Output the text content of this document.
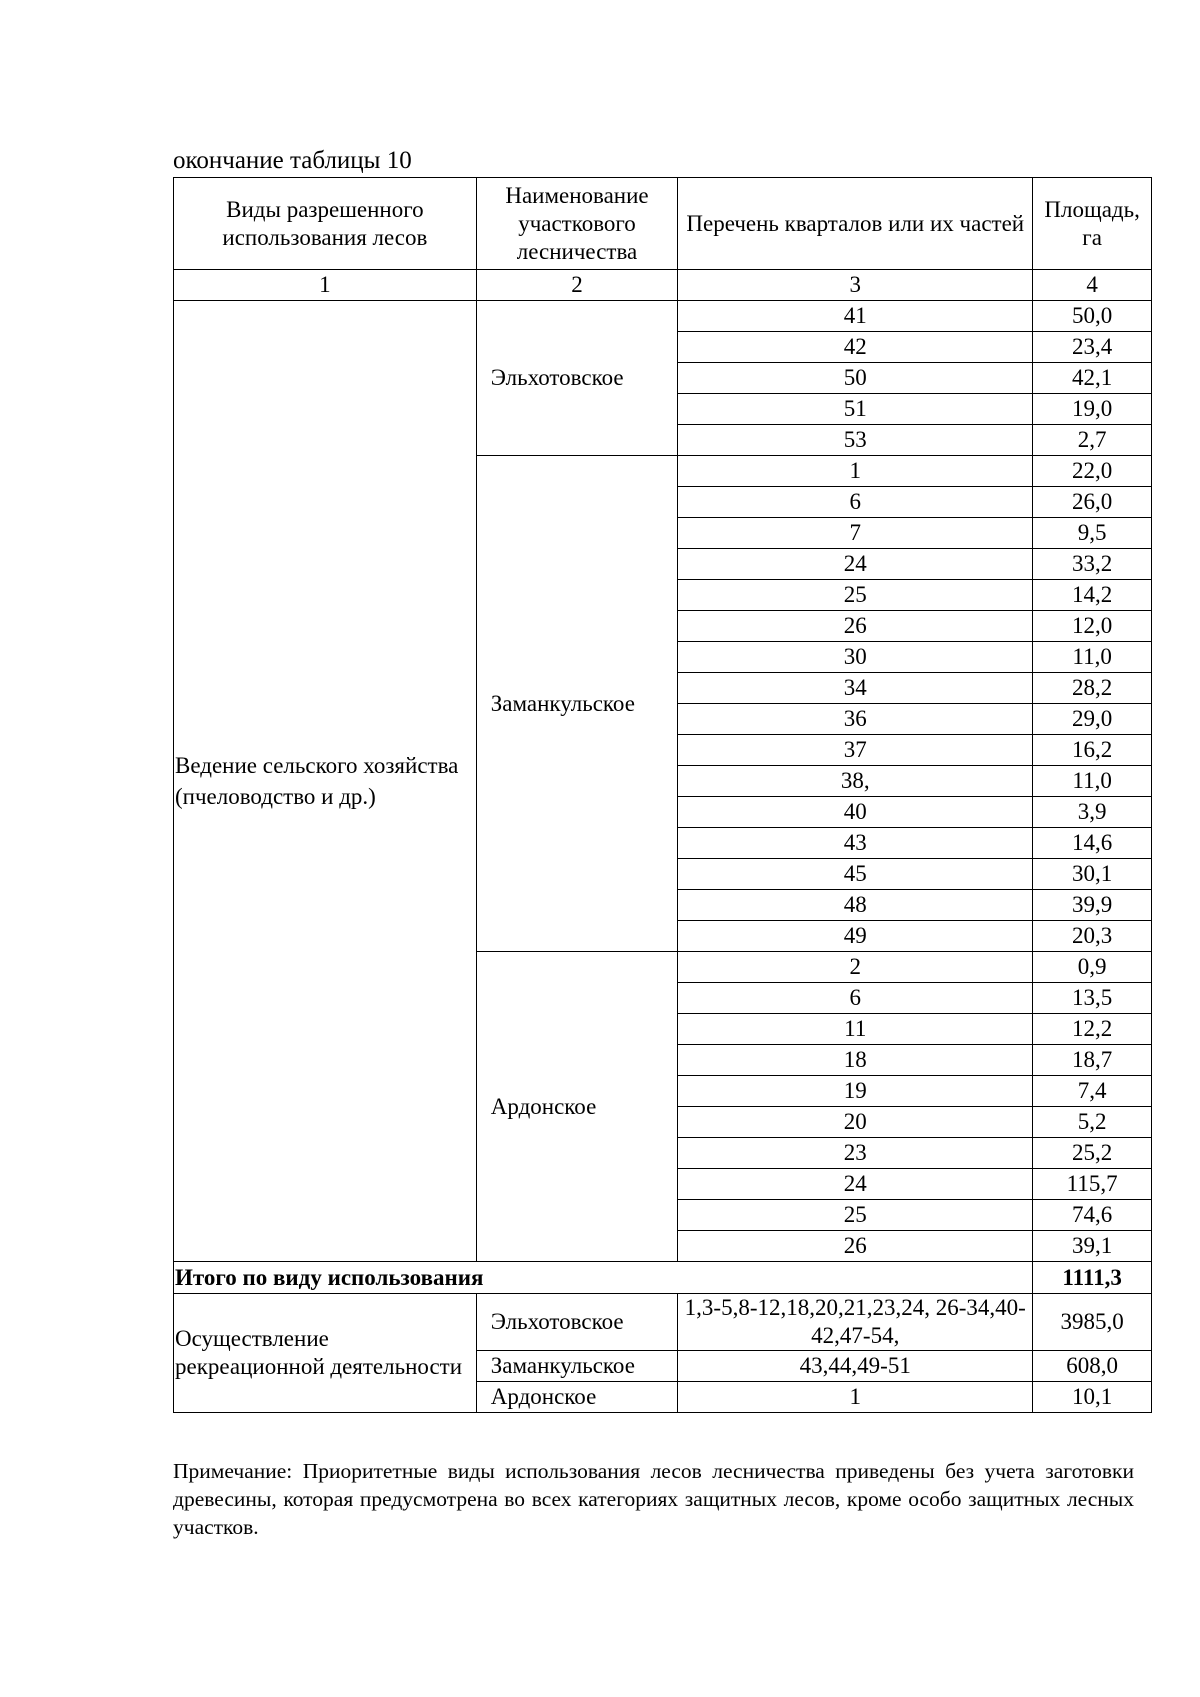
окончание таблицы 10
Виды разрешенного использования лесов	Наименование участкового лесничества	Перечень кварталов или их частей	Площадь, га
1	2	3	4
Ведение сельского хозяйства (пчеловодство и др.)	Эльхотовское	41	50,0
		42	23,4
		50	42,1
		51	19,0
		53	2,7
	Заманкульское	1	22,0
		6	26,0
		7	9,5
		24	33,2
		25	14,2
		26	12,0
		30	11,0
		34	28,2
		36	29,0
		37	16,2
		38,	11,0
		40	3,9
		43	14,6
		45	30,1
		48	39,9
		49	20,3
	Ардонское	2	0,9
		6	13,5
		11	12,2
		18	18,7
		19	7,4
		20	5,2
		23	25,2
		24	115,7
		25	74,6
		26	39,1
Итого по виду использования			1111,3
Осуществление рекреационной деятельности	Эльхотовское	1,3-5,8-12,18,20,21,23,24, 26-34,40-42,47-54,	3985,0
	Заманкульское	43,44,49-51	608,0
	Ардонское	1	10,1
Примечание: Приоритетные виды использования лесов лесничества приведены без учета заготовки древесины, которая предусмотрена во всех категориях защитных лесов, кроме особо защитных лесных участков.
